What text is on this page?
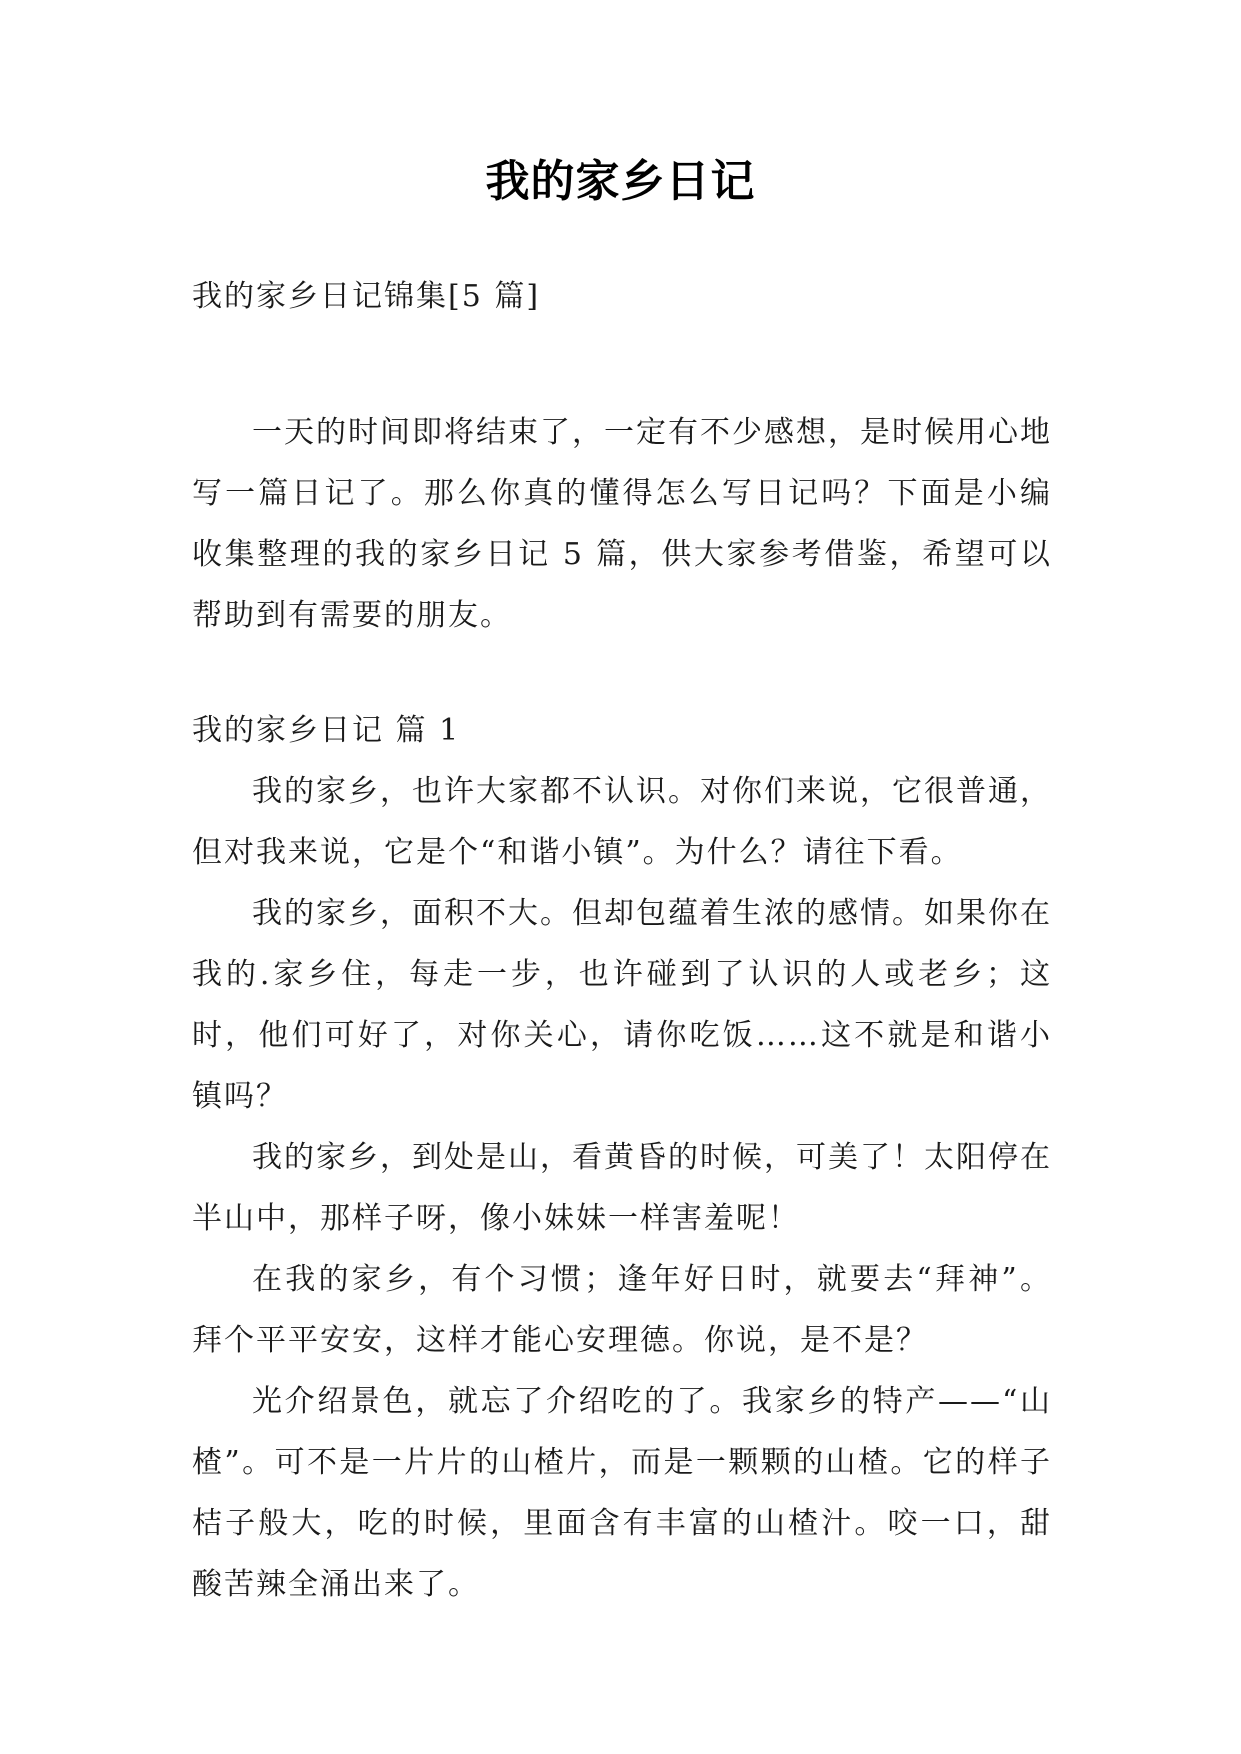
我的家乡日记
我的家乡日记锦集[5 篇]

一天的时间即将结束了，一定有不少感想，是时候用心地写一篇日记了。那么你真的懂得怎么写日记吗？下面是小编收集整理的我的家乡日记 5 篇，供大家参考借鉴，希望可以帮助到有需要的朋友。

我的家乡日记 篇 1

我的家乡，也许大家都不认识。对你们来说，它很普通，但对我来说，它是个“和谐小镇”。为什么？请往下看。

我的家乡，面积不大。但却包蕴着生浓的感情。如果你在我的.家乡住，每走一步，也许碰到了认识的人或老乡；这时，他们可好了，对你关心，请你吃饭……这不就是和谐小镇吗？

我的家乡，到处是山，看黄昏的时候，可美了！太阳停在半山中，那样子呀，像小妹妹一样害羞呢！

在我的家乡，有个习惯；逢年好日时，就要去“拜神”。拜个平平安安，这样才能心安理德。你说，是不是？

光介绍景色，就忘了介绍吃的了。我家乡的特产——“山楂”。可不是一片片的山楂片，而是一颗颗的山楂。它的样子桔子般大，吃的时候，里面含有丰富的山楂汁。咬一口，甜酸苦辣全涌出来了。
